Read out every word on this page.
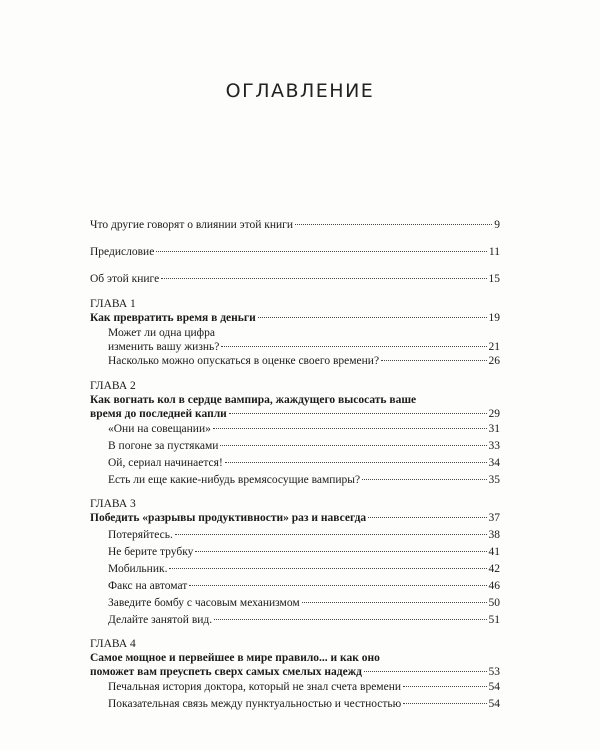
ОГЛАВЛЕНИЕ
Что другие говорят о влиянии этой книги	9
Предисловие	11
Об этой книге	15
ГЛАВА 1
Как превратить время в деньги	19
Может ли одна цифра
изменить вашу жизнь?	21
Насколько можно опускаться в оценке своего времени?	26
ГЛАВА 2
Как вогнать кол в сердце вампира, жаждущего высосать ваше
время до последней капли	29
«Они на совещании»	31
В погоне за пустяками	33
Ой, сериал начинается!	34
Есть ли еще какие-нибудь времясосущие вампиры?	35
ГЛАВА 3
Победить «разрывы продуктивности» раз и навсегда	37
Потеряйтесь.	38
Не берите трубку	41
Мобильник.	42
Факс на автомат	46
Заведите бомбу с часовым механизмом	50
Делайте занятой вид.	51
ГЛАВА 4
Самое мощное и первейшее в мире правило... и как оно
поможет вам преуспеть сверх самых смелых надежд	53
Печальная история доктора, который не знал счета времени	54
Показательная связь между пунктуальностью и честностью	54
